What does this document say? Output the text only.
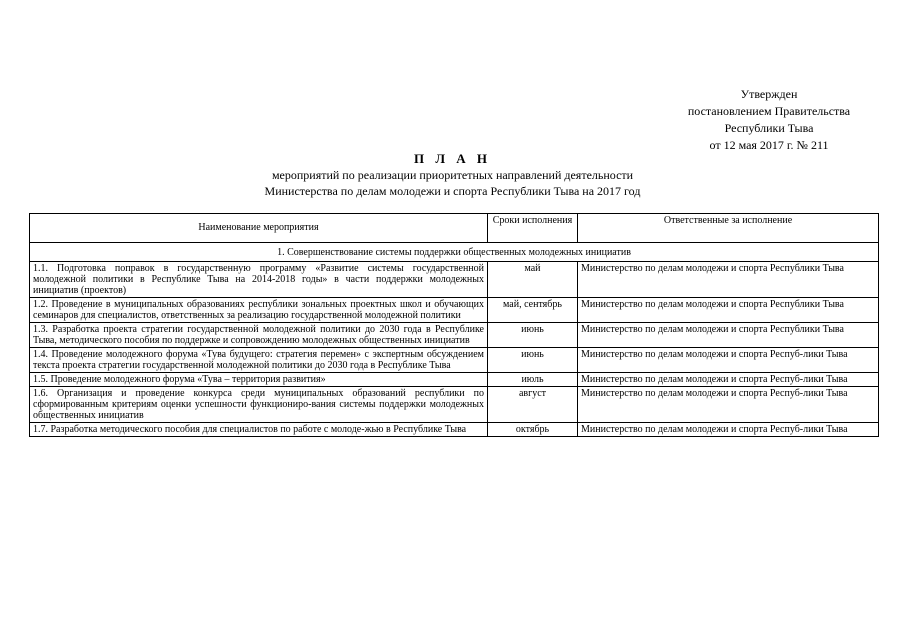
Утвержден
постановлением Правительства
Республики Тыва
от 12 мая 2017 г. № 211
П Л А Н
мероприятий по реализации приоритетных направлений деятельности
Министерства по делам молодежи и спорта Республики Тыва на 2017 год
Наименование мероприятия	Сроки исполнения	Ответственные за исполнение
1. Совершенствование системы поддержки общественных молодежных инициатив		
1.1. Подготовка поправок в государственную программу «Развитие системы государственной молодежной политики в Республике Тыва на 2014-2018 годы» в части поддержки молодежных инициатив (проектов)	май	Министерство по делам молодежи и спорта Республики Тыва
1.2. Проведение в муниципальных образованиях республики зональных проектных школ и обучающих семинаров для специалистов, ответственных за реализацию государственной молодежной политики	май, сентябрь	Министерство по делам молодежи и спорта Республики Тыва
1.3. Разработка проекта стратегии государственной молодежной политики до 2030 года в Республике Тыва, методического пособия по поддержке и сопровождению молодежных общественных инициатив	июнь	Министерство по делам молодежи и спорта Республики Тыва
1.4. Проведение молодежного форума «Тува будущего: стратегия перемен» с экспертным обсуждением текста проекта стратегии государственной молодежной политики до 2030 года в Республике Тыва	июнь	Министерство по делам молодежи и спорта Респуб-лики Тыва
1.5. Проведение молодежного форума «Тува – территория развития»	июль	Министерство по делам молодежи и спорта Респуб-лики Тыва
1.6. Организация и проведение конкурса среди муниципальных образований республики по сформированным критериям оценки успешности функциониро-вания системы поддержки молодежных общественных инициатив	август	Министерство по делам молодежи и спорта Респуб-лики Тыва
1.7. Разработка методического пособия для специалистов по работе с молоде-жью в Республике Тыва	октябрь	Министерство по делам молодежи и спорта Респуб-лики Тыва
